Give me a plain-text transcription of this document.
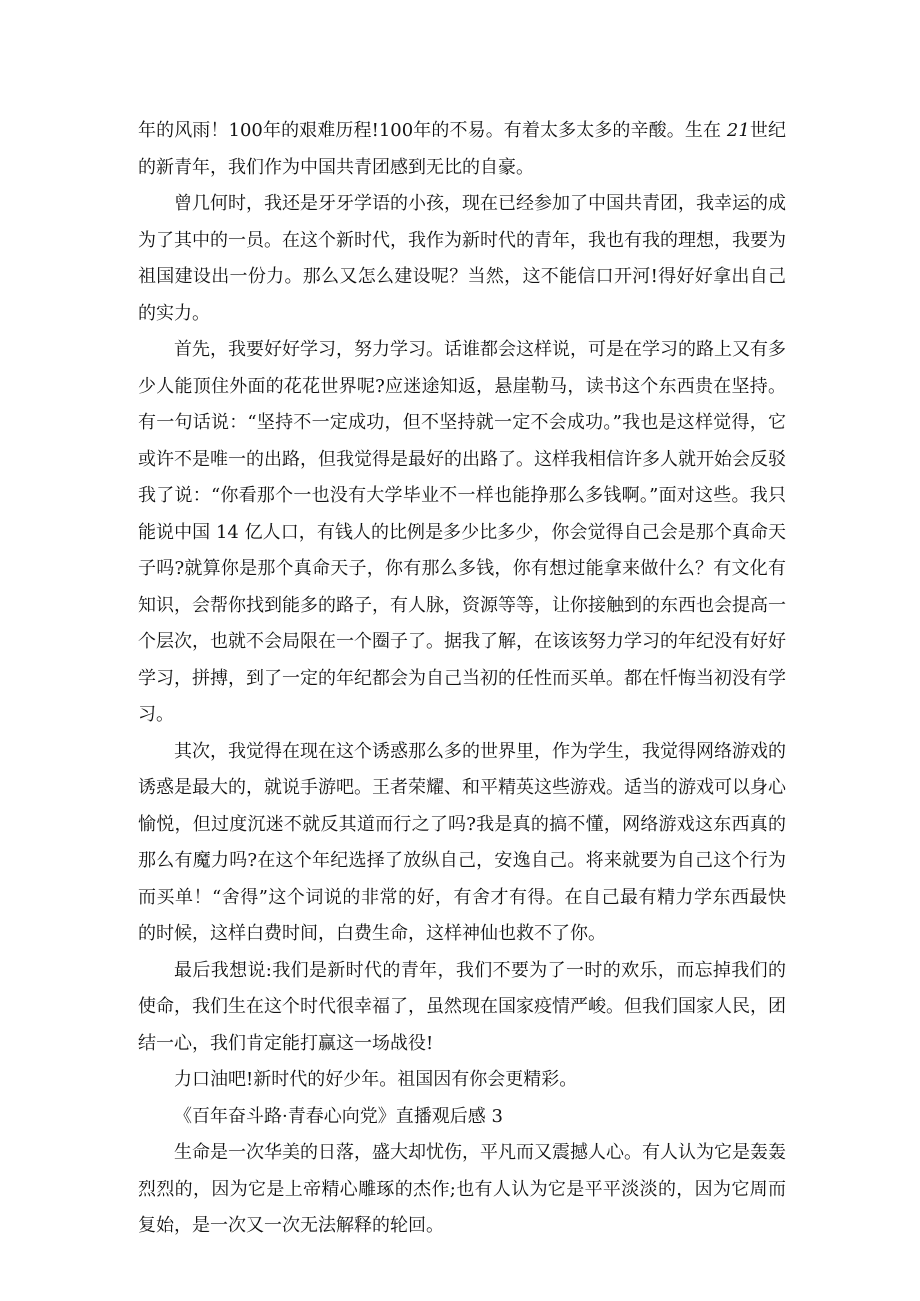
年的风雨！100年的艰难历程!100年的不易。有着太多太多的辛酸。生在 21世纪的新青年，我们作为中国共青团感到无比的自豪。

曾几何时，我还是牙牙学语的小孩，现在已经参加了中国共青团，我幸运的成为了其中的一员。在这个新时代，我作为新时代的青年，我也有我的理想，我要为祖国建设出一份力。那么又怎么建设呢？当然，这不能信口开河!得好好拿出自己的实力。

首先，我要好好学习，努力学习。话谁都会这样说，可是在学习的路上又有多少人能顶住外面的花花世界呢?应迷途知返，悬崖勒马，读书这个东西贵在坚持。有一句话说：“坚持不一定成功，但不坚持就一定不会成功。”我也是这样觉得，它或许不是唯一的出路，但我觉得是最好的出路了。这样我相信许多人就开始会反驳我了说：“你看那个一也没有大学毕业不一样也能挣那么多钱啊。”面对这些。我只能说中国 14 亿人口，有钱人的比例是多少比多少，你会觉得自己会是那个真命天子吗?就算你是那个真命天子，你有那么多钱，你有想过能拿来做什么？有文化有知识，会帮你找到能多的路子，有人脉，资源等等，让你接触到的东西也会提高一个层次，也就不会局限在一个圈子了。据我了解，在该该努力学习的年纪没有好好学习，拼搏，到了一定的年纪都会为自己当初的任性而买单。都在忏悔当初没有学习。

其次，我觉得在现在这个诱惑那么多的世界里，作为学生，我觉得网络游戏的诱惑是最大的，就说手游吧。王者荣耀、和平精英这些游戏。适当的游戏可以身心愉悦，但过度沉迷不就反其道而行之了吗?我是真的搞不懂，网络游戏这东西真的那么有魔力吗?在这个年纪选择了放纵自己，安逸自己。将来就要为自己这个行为而买单！“舍得”这个词说的非常的好，有舍才有得。在自己最有精力学东西最快的时候，这样白费时间，白费生命，这样神仙也救不了你。

最后我想说:我们是新时代的青年，我们不要为了一时的欢乐，而忘掉我们的使命，我们生在这个时代很幸福了，虽然现在国家疫情严峻。但我们国家人民，团结一心，我们肯定能打赢这一场战役!

力口油吧!新时代的好少年。祖国因有你会更精彩。

《百年奋斗路·青春心向党》直播观后感 3

生命是一次华美的日落，盛大却忧伤，平凡而又震撼人心。有人认为它是轰轰烈烈的，因为它是上帝精心雕琢的杰作;也有人认为它是平平淡淡的，因为它周而复始，是一次又一次无法解释的轮回。
